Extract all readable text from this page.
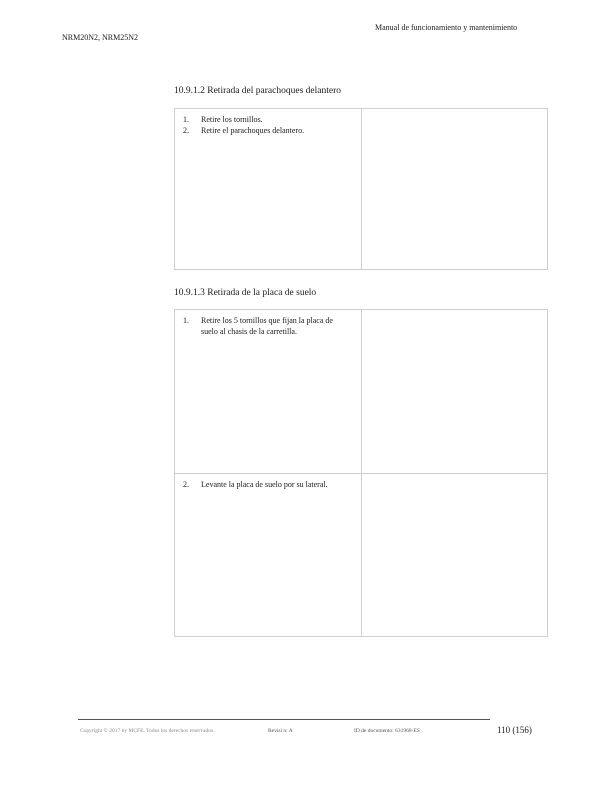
NRM20N2, NRM25N2
Manual de funcionamiento y mantenimiento
10.9.1.2 Retirada del parachoques delantero
1. Retire los tornillos.
2. Retire el parachoques delantero.
10.9.1.3 Retirada de la placa de suelo
1. Retire los 5 tornillos que fijan la placa de suelo al chasis de la carretilla.
2. Levante la placa de suelo por su lateral.
Copyright © 2017 by MCFE. Todos los derechos reservados.	Revisi n: A	ID de documento: 631968-ES	110 (156)
